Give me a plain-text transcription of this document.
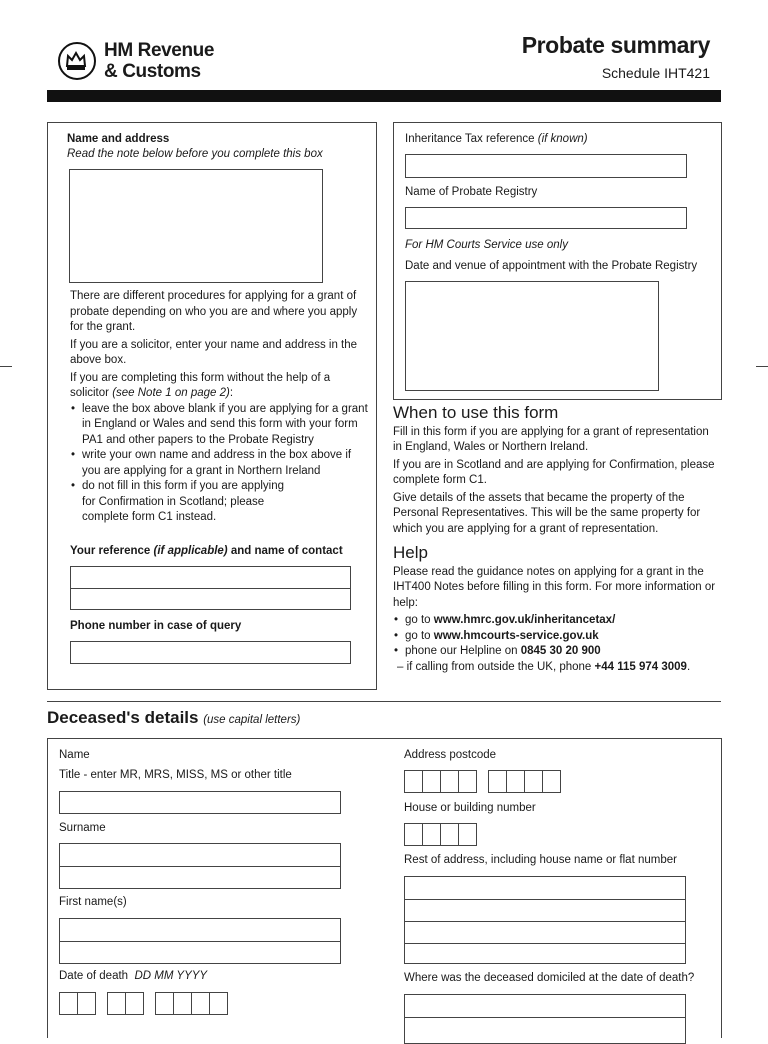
HM Revenue
& Customs
Probate summary
Schedule IHT421
Name and address
Read the note below before you complete this box

There are different procedures for applying for a grant of probate depending on who you are and where you apply for the grant.

If you are a solicitor, enter your name and address in the above box.

If you are completing this form without the help of a solicitor (see Note 1 on page 2):

• leave the box above blank if you are applying for a grant in England or Wales and send this form with your form PA1 and other papers to the Probate Registry
• write your own name and address in the box above if you are applying for a grant in Northern Ireland
• do not fill in this form if you are applying for Confirmation in Scotland; please complete form C1 instead.
Your reference (if applicable) and name of contact
Phone number in case of query
Inheritance Tax reference (if known)
Name of Probate Registry
For HM Courts Service use only
Date and venue of appointment with the Probate Registry
When to use this form

Fill in this form if you are applying for a grant of representation in England, Wales or Northern Ireland.

If you are in Scotland and are applying for Confirmation, please complete form C1.

Give details of the assets that became the property of the Personal Representatives. This will be the same property for which you are applying for a grant of representation.

Help

Please read the guidance notes on applying for a grant in the IHT400 Notes before filling in this form. For more information or help:

• go to www.hmrc.gov.uk/inheritancetax/
• go to www.hmcourts-service.gov.uk
• phone our Helpline on 0845 30 20 900

– if calling from outside the UK, phone +44 115 974 3009.

Deceased's details (use capital letters)
Name
Title - enter MR, MRS, MISS, MS or other title
Surname
First name(s)
Date of death DD MM YYYY
Address postcode
House or building number
Rest of address, including house name or flat number
Where was the deceased domiciled at the date of death?
